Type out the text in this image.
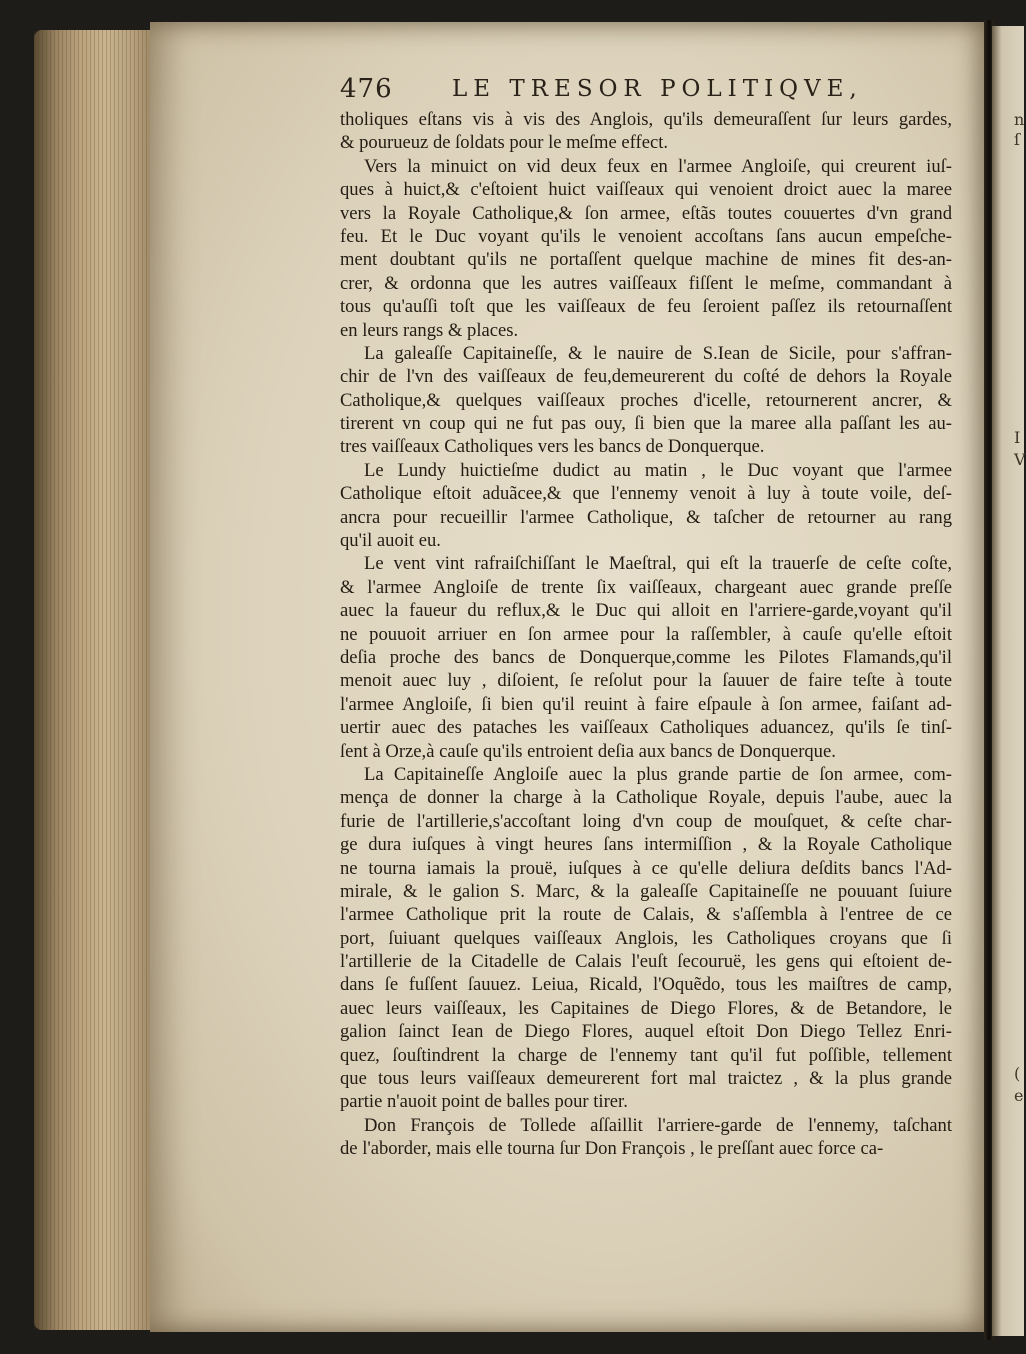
n
ſ
I
V
(
e
476	LE TRESOR POLITIQVE,
tholiques eſtans vis à vis des Anglois, qu'ils demeuraſſent ſur leurs gardes,
& pourueuz de ſoldats pour le meſme effect.
Vers la minuict on vid deux feux en l'armee Angloiſe, qui creurent iuſ-
ques à huict,& c'eſtoient huict vaiſſeaux qui venoient droict auec la maree
vers la Royale Catholique,& ſon armee, eſtãs toutes couuertes d'vn grand
feu. Et le Duc voyant qu'ils le venoient accoſtans ſans aucun empeſche-
ment doubtant qu'ils ne portaſſent quelque machine de mines fit des-an-
crer, & ordonna que les autres vaiſſeaux fiſſent le meſme, commandant à
tous qu'auſſi toſt que les vaiſſeaux de feu ſeroient paſſez ils retournaſſent
en leurs rangs & places.
La galeaſſe Capitaineſſe, & le nauire de S.Iean de Sicile, pour s'affran-
chir de l'vn des vaiſſeaux de feu,demeurerent du coſté de dehors la Royale
Catholique,& quelques vaiſſeaux proches d'icelle, retournerent ancrer, &
tirerent vn coup qui ne fut pas ouy, ſi bien que la maree alla paſſant les au-
tres vaiſſeaux Catholiques vers les bancs de Donquerque.
Le Lundy huictieſme dudict au matin , le Duc voyant que l'armee
Catholique eſtoit aduãcee,& que l'ennemy venoit à luy à toute voile, deſ-
ancra pour recueillir l'armee Catholique, & taſcher de retourner au rang
qu'il auoit eu.
Le vent vint rafraiſchiſſant le Maeſtral, qui eſt la trauerſe de ceſte coſte,
& l'armee Angloiſe de trente ſix vaiſſeaux, chargeant auec grande preſſe
auec la faueur du reflux,& le Duc qui alloit en l'arriere-garde,voyant qu'il
ne pouuoit arriuer en ſon armee pour la raſſembler, à cauſe qu'elle eſtoit
deſia proche des bancs de Donquerque,comme les Pilotes Flamands,qu'il
menoit auec luy , diſoient, ſe reſolut pour la ſauuer de faire teſte à toute
l'armee Angloiſe, ſi bien qu'il reuint à faire eſpaule à ſon armee, faiſant ad-
uertir auec des pataches les vaiſſeaux Catholiques aduancez, qu'ils ſe tinſ-
ſent à Orze,à cauſe qu'ils entroient deſia aux bancs de Donquerque.
La Capitaineſſe Angloiſe auec la plus grande partie de ſon armee, com-
mença de donner la charge à la Catholique Royale, depuis l'aube, auec la
furie de l'artillerie,s'accoſtant loing d'vn coup de mouſquet, & ceſte char-
ge dura iuſques à vingt heures ſans intermiſſion , & la Royale Catholique
ne tourna iamais la prouë, iuſques à ce qu'elle deliura deſdits bancs l'Ad-
mirale, & le galion S. Marc, & la galeaſſe Capitaineſſe ne pouuant ſuiure
l'armee Catholique prit la route de Calais, & s'aſſembla à l'entree de ce
port, ſuiuant quelques vaiſſeaux Anglois, les Catholiques croyans que ſi
l'artillerie de la Citadelle de Calais l'euſt ſecouruë, les gens qui eſtoient de-
dans ſe fuſſent ſauuez. Leiua, Ricald, l'Oquẽdo, tous les maiſtres de camp,
auec leurs vaiſſeaux, les Capitaines de Diego Flores, & de Betandore, le
galion ſainct Iean de Diego Flores, auquel eſtoit Don Diego Tellez Enri-
quez, ſouſtindrent la charge de l'ennemy tant qu'il fut poſſible, tellement
que tous leurs vaiſſeaux demeurerent fort mal traictez , & la plus grande
partie n'auoit point de balles pour tirer.
Don François de Tollede aſſaillit l'arriere-garde de l'ennemy, taſchant
de l'aborder, mais elle tourna ſur Don François , le preſſant auec force ca-
